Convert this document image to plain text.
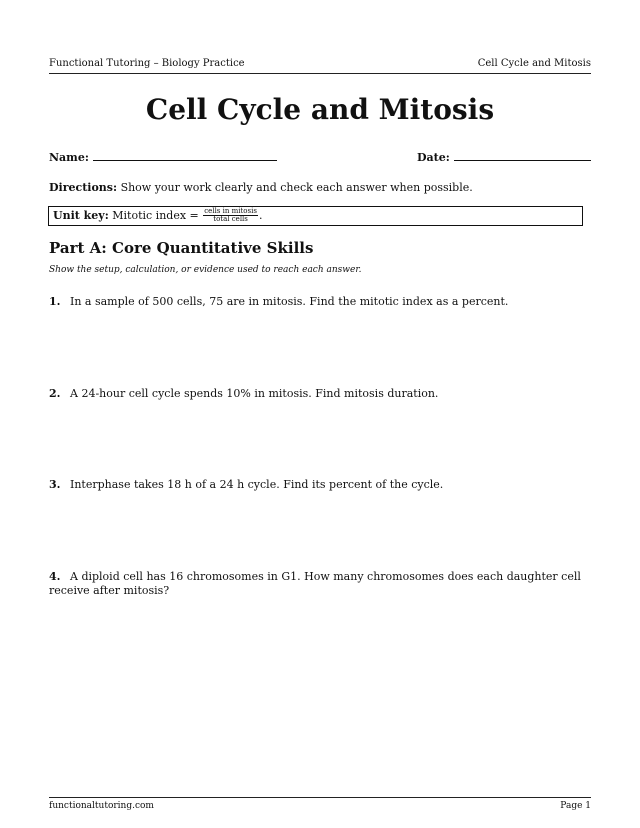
Functional Tutoring – Biology Practice	Cell Cycle and Mitosis
Cell Cycle and Mitosis
Name:	Date:
Directions: Show your work clearly and check each answer when possible.
Unit key: Mitotic index = $\frac{\text{cells in mitosis}}{\text{total cells}}$ .
Part A: Core Quantitative Skills
Show the setup, calculation, or evidence used to reach each answer.
1. In a sample of 500 cells, 75 are in mitosis. Find the mitotic index as a percent.
2. A 24-hour cell cycle spends 10% in mitosis. Find mitosis duration.
3. Interphase takes 18 h of a 24 h cycle. Find its percent of the cycle.
4. A diploid cell has 16 chromosomes in G1. How many chromosomes does each daughter cell receive after mitosis?
functionaltutoring.com	Page 1
